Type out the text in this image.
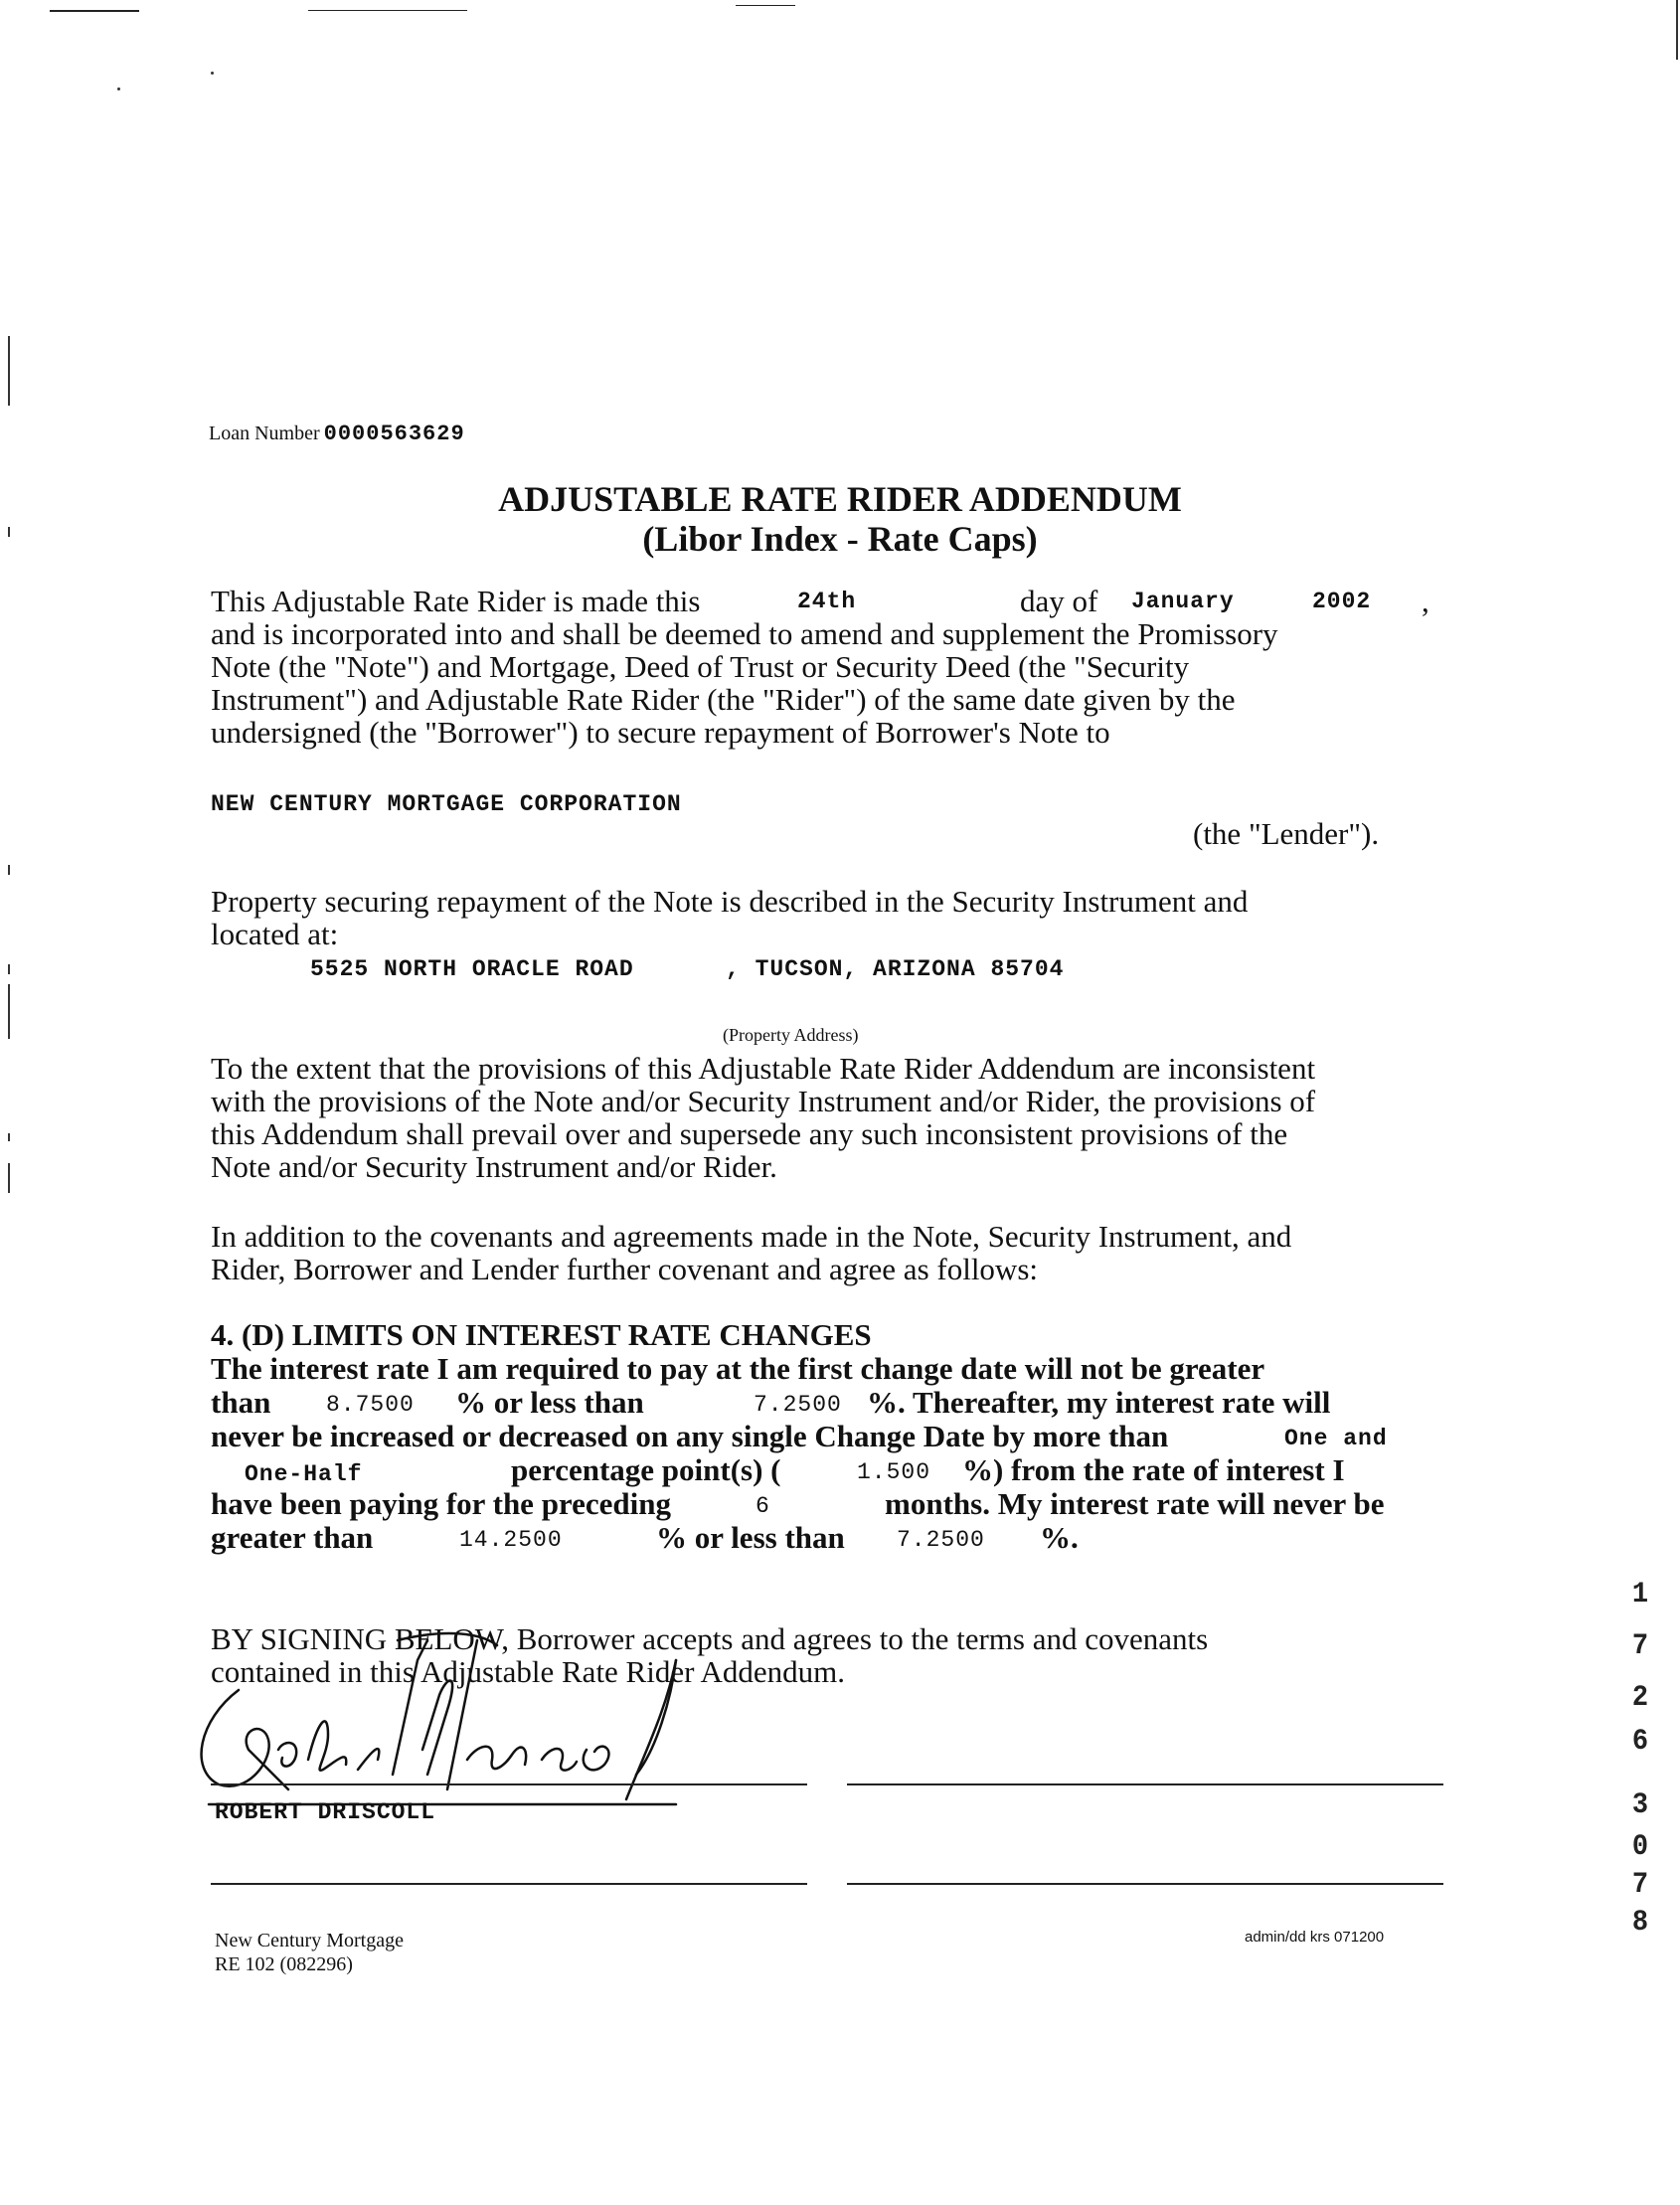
Loan Number 0000563629
ADJUSTABLE RATE RIDER ADDENDUM
(Libor Index - Rate Caps)
This Adjustable Rate Rider is made this	24th	day of January	2002 ,
and is incorporated into and shall be deemed to amend and supplement the Promissory
Note (the "Note") and Mortgage, Deed of Trust or Security Deed (the "Security
Instrument") and Adjustable Rate Rider (the "Rider") of the same date given by the
undersigned (the "Borrower") to secure repayment of Borrower's Note to
NEW CENTURY MORTGAGE CORPORATION
(the "Lender").
Property securing repayment of the Note is described in the Security Instrument and
located at:
5525 NORTH ORACLE ROAD	, TUCSON, ARIZONA 85704
(Property Address)
To the extent that the provisions of this Adjustable Rate Rider Addendum are inconsistent
with the provisions of the Note and/or Security Instrument and/or Rider, the provisions of
this Addendum shall prevail over and supersede any such inconsistent provisions of the
Note and/or Security Instrument and/or Rider.
In addition to the covenants and agreements made in the Note, Security Instrument, and
Rider, Borrower and Lender further covenant and agree as follows:
4. (D) LIMITS ON INTEREST RATE CHANGES
The interest rate I am required to pay at the first change date will not be greater
than 8.7500 % or less than	7.2500 %. Thereafter, my interest rate will
never be increased or decreased on any single Change Date by more than	One and
One-Half	percentage point(s) (	1.500 %) from the rate of interest I
have been paying for the preceding	6	months. My interest rate will never be
greater than	14.2500	% or less than 7.2500 %.
BY SIGNING BELOW, Borrower accepts and agrees to the terms and covenants
contained in this Adjustable Rate Rider Addendum.
ROBERT DRISCOLL
New Century Mortgage
RE 102 (082296)
admin/dd krs 071200
1
7
2
6
3
0
7
8
